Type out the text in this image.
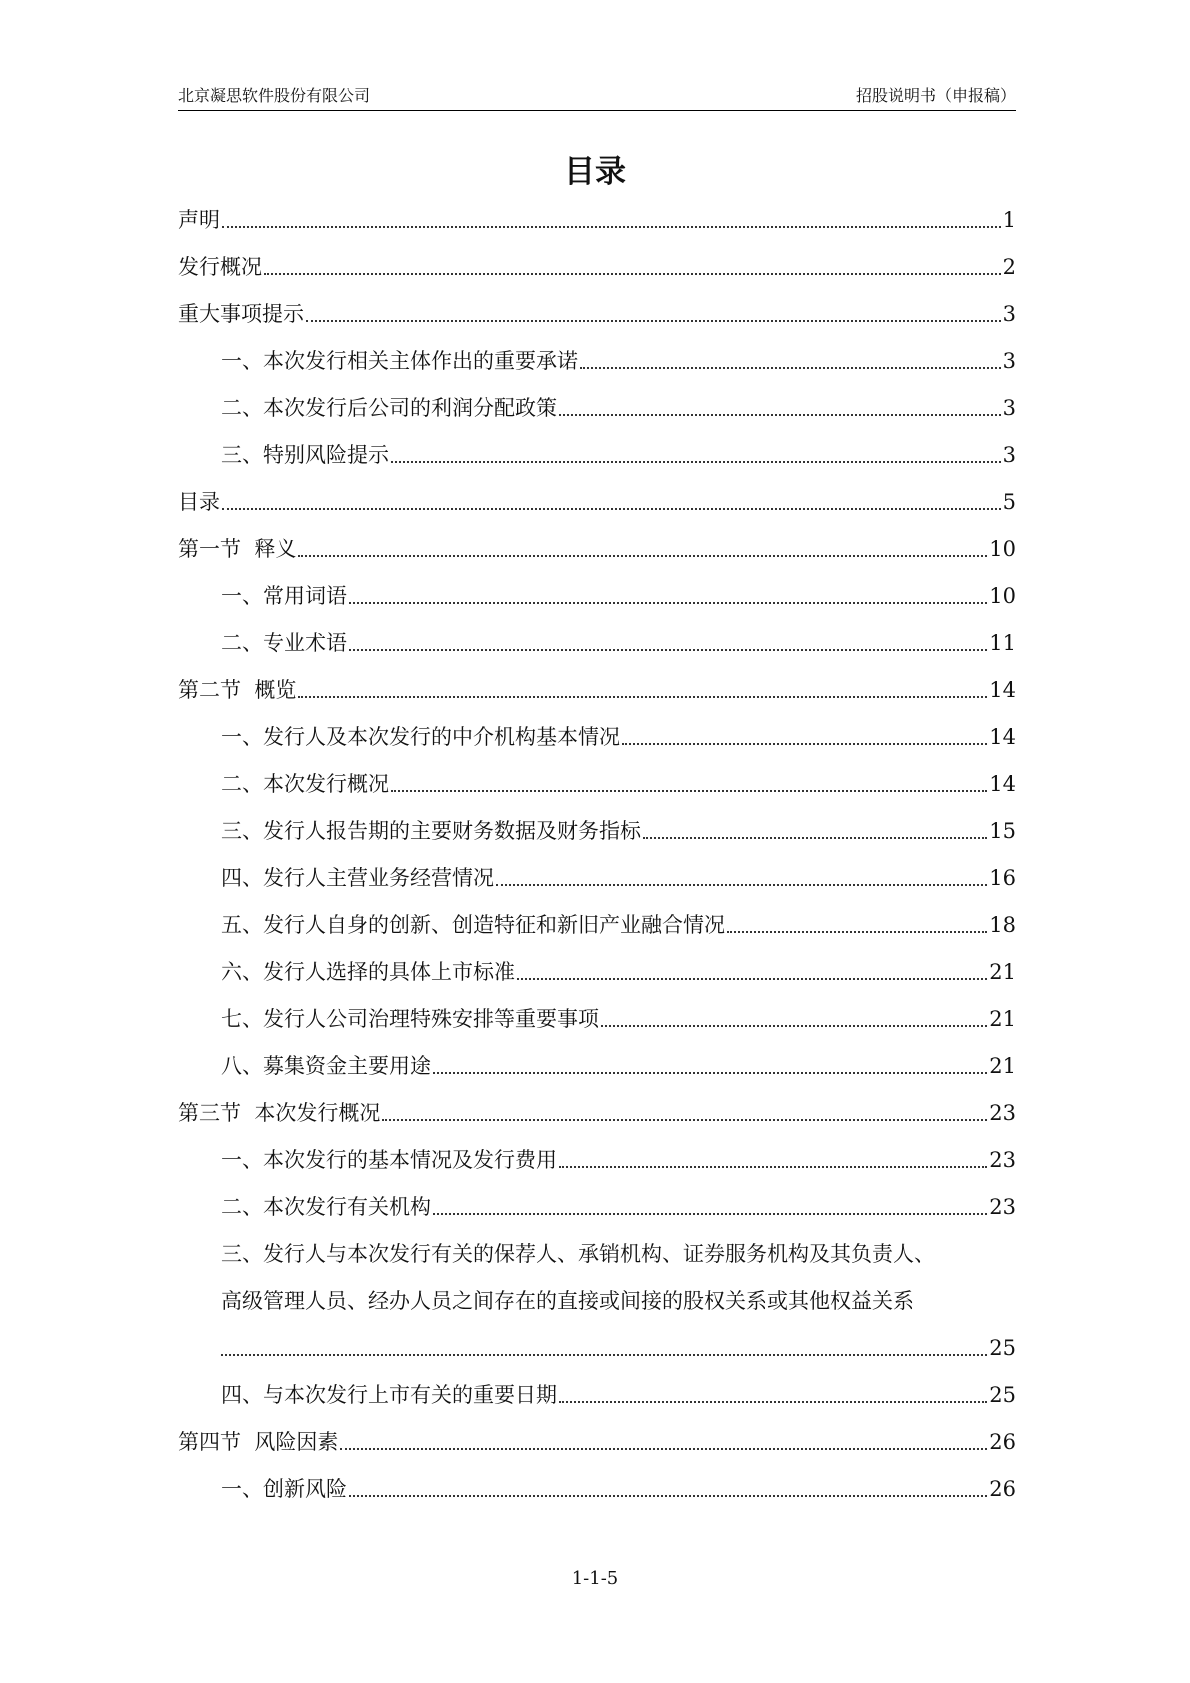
北京凝思软件股份有限公司	招股说明书（申报稿）
目录
声明	1
发行概况	2
重大事项提示	3
一、本次发行相关主体作出的重要承诺	3
二、本次发行后公司的利润分配政策	3
三、特别风险提示	3
目录	5
第一节  释义	10
一、常用词语	10
二、专业术语	11
第二节  概览	14
一、发行人及本次发行的中介机构基本情况	14
二、本次发行概况	14
三、发行人报告期的主要财务数据及财务指标	15
四、发行人主营业务经营情况	16
五、发行人自身的创新、创造特征和新旧产业融合情况	18
六、发行人选择的具体上市标准	21
七、发行人公司治理特殊安排等重要事项	21
八、募集资金主要用途	21
第三节  本次发行概况	23
一、本次发行的基本情况及发行费用	23
二、本次发行有关机构	23
三、发行人与本次发行有关的保荐人、承销机构、证券服务机构及其负责人、
高级管理人员、经办人员之间存在的直接或间接的股权关系或其他权益关系
25
四、与本次发行上市有关的重要日期	25
第四节  风险因素	26
一、创新风险	26
1-1-5
